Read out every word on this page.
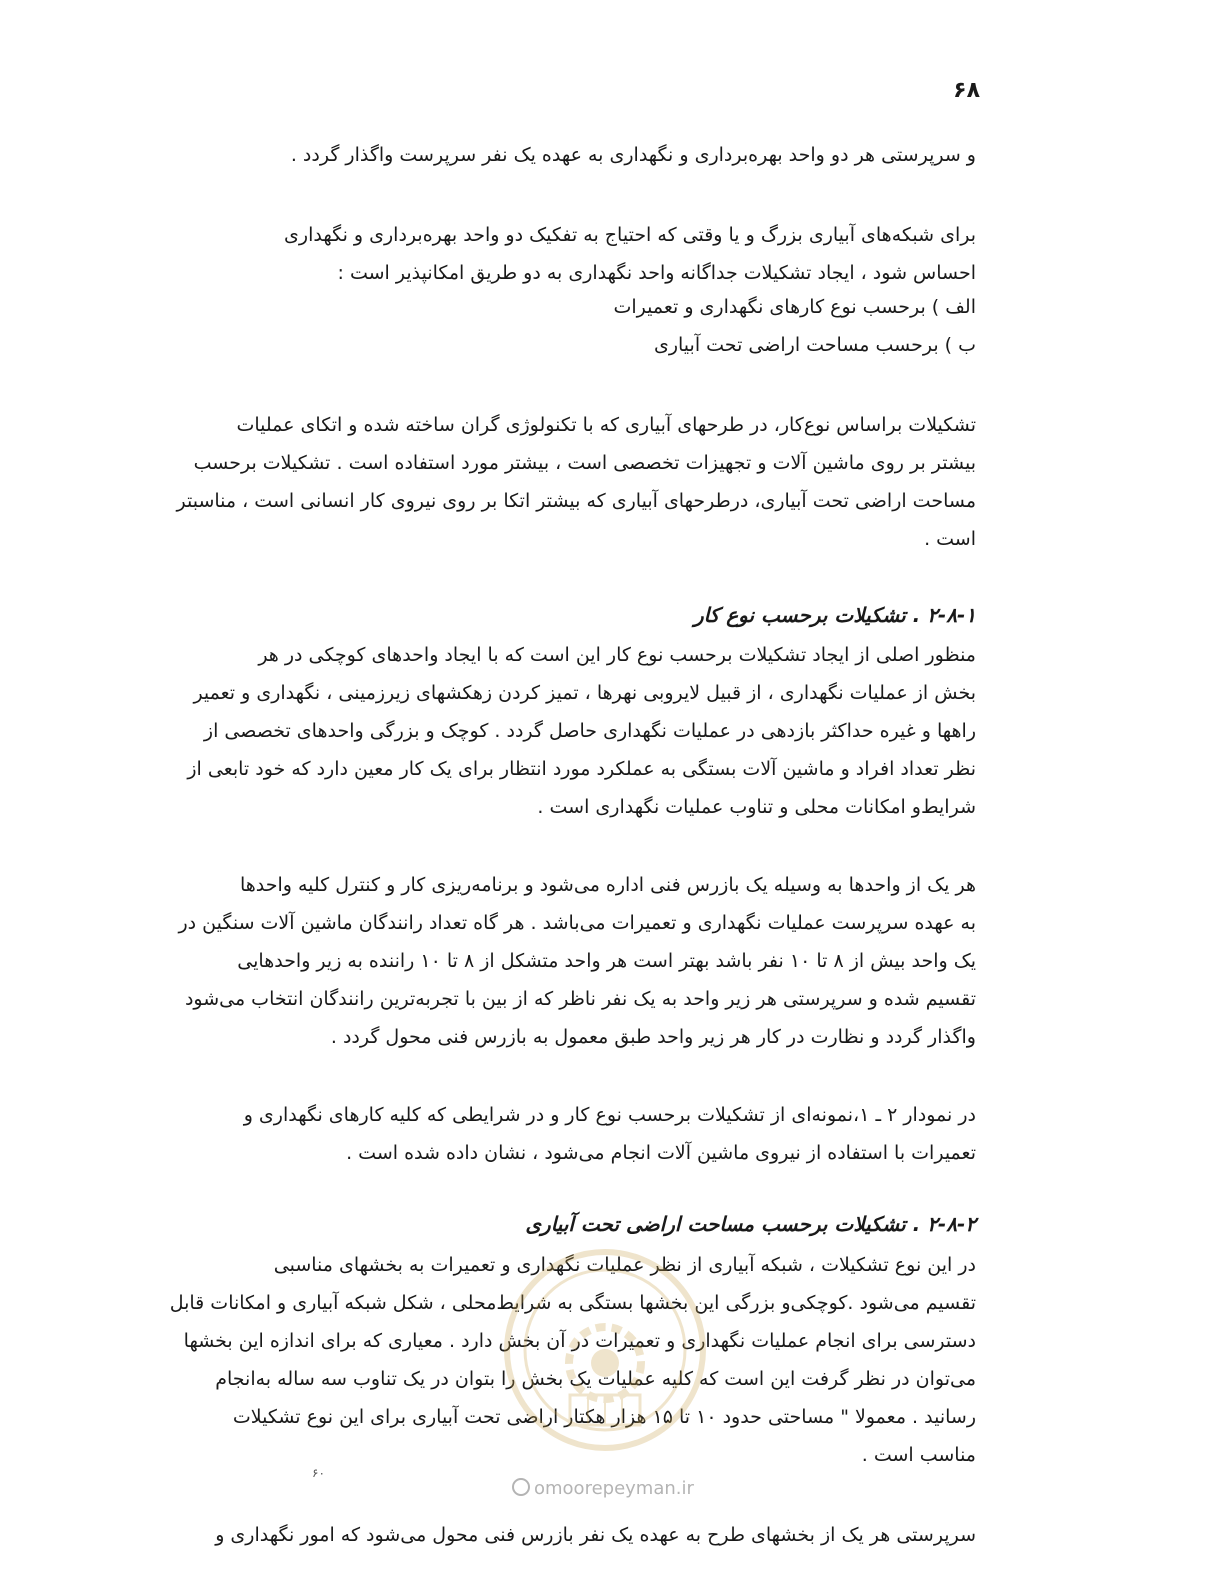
۶۸
و سرپرستی هر دو واحد بهره‌برداری و نگهداری به عهده یک نفر سرپرست واگذار گردد .
برای شبکه‌های آبیاری بزرگ و یا وقتی که احتیاج به تفکیک دو واحد بهره‌برداری و نگهداری
احساس شود ، ایجاد تشکیلات جداگانه واحد نگهداری به دو طریق امکانپذیر است :
الف ) برحسب نوع کارهای نگهداری و تعمیرات
ب ) برحسب مساحت اراضی تحت آبیاری
تشکیلات براساس نوع‌کار، در طرحهای آبیاری که با تکنولوژی گران ساخته شده و اتکای عملیات
بیشتر بر روی ماشین آلات و تجهیزات تخصصی است ، بیشتر مورد استفاده است . تشکیلات برحسب
مساحت اراضی تحت آبیاری، درطرحهای آبیاری که بیشتر اتکا بر روی نیروی کار انسانی است ، مناسبتر
است .
۲-۸-۱ . تشکیلات برحسب نوع کار
منظور اصلی از ایجاد تشکیلات برحسب نوع کار این است که با ایجاد واحدهای کوچکی در هر
بخش از عملیات نگهداری ، از قبیل لایروبی نهرها ، تمیز کردن زهکشهای زیرزمینی ، نگهداری و تعمیر
راهها و غیره حداکثر بازدهی در عملیات نگهداری حاصل گردد . کوچک و بزرگی واحدهای تخصصی از
نظر تعداد افراد و ماشین آلات بستگی به عملکرد مورد انتظار برای یک کار معین دارد که خود تابعی از
شرایط‌و امکانات محلی و تناوب عملیات نگهداری است .
هر یک از واحدها به وسیله یک بازرس فنی اداره می‌شود و برنامه‌ریزی کار و کنترل کلیه واحدها
به عهده سرپرست عملیات نگهداری و تعمیرات می‌باشد . هر گاه تعداد رانندگان ماشین آلات سنگین در
یک واحد بیش از ۸ تا ۱۰ نفر باشد بهتر است هر واحد متشکل از ۸ تا ۱۰ راننده به زیر واحدهایی
تقسیم شده و سرپرستی هر زیر واحد به یک نفر ناظر که از بین با تجربه‌ترین رانندگان انتخاب می‌شود
واگذار گردد و نظارت در کار هر زیر واحد طبق معمول به بازرس فنی محول گردد .
در نمودار ۲ ـ ۱،نمونه‌ای از تشکیلات برحسب نوع کار و در شرایطی که کلیه کارهای نگهداری و
تعمیرات با استفاده از نیروی ماشین آلات انجام می‌شود ، نشان داده شده است .
۲-۸-۲ . تشکیلات برحسب مساحت اراضی تحت آبیاری
در این نوع تشکیلات ، شبکه آبیاری از نظر عملیات نگهداری و تعمیرات به بخشهای مناسبی
تقسیم می‌شود .کوچکی‌و بزرگی این بخشها بستگی به شرایط‌محلی ، شکل شبکه آبیاری و امکانات قابل‌
دسترسی برای انجام عملیات نگهداری و تعمیرات در آن بخش دارد . معیاری که برای اندازه این بخشها
می‌توان در نظر گرفت این است که کلیه عملیات یک بخش را بتوان در یک تناوب سه ساله به‌انجام
رسانید . معمولا " مساحتی حدود ۱۰ تا ۱۵ هزار هکتار اراضی تحت آبیاری برای این نوع تشکیلات
مناسب است .
۶۰
سرپرستی هر یک از بخشهای طرح به عهده یک نفر بازرس فنی محول می‌شود که امور نگهداری و
omoorepeyman.ir
